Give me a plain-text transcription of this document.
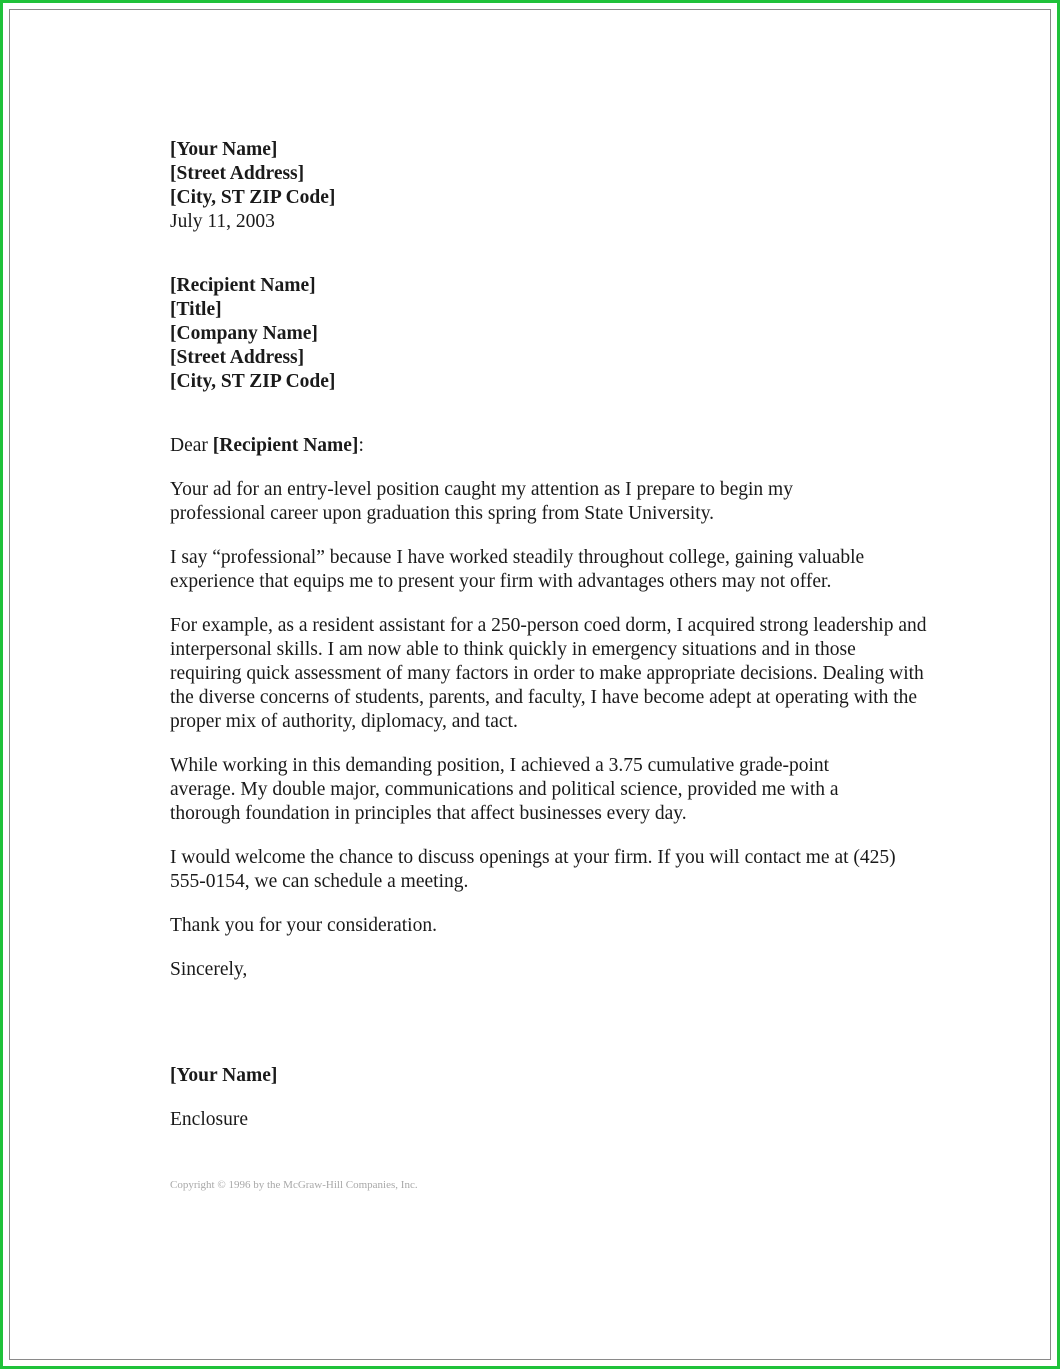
[Your Name]
[Street Address]
[City, ST ZIP Code]
July 11, 2003
[Recipient Name]
[Title]
[Company Name]
[Street Address]
[City, ST ZIP Code]
Dear [Recipient Name]:

Your ad for an entry-level position caught my attention as I prepare to begin my professional career upon graduation this spring from State University.

I say “professional” because I have worked steadily throughout college, gaining valuable experience that equips me to present your firm with advantages others may not offer.

For example, as a resident assistant for a 250-person coed dorm, I acquired strong leadership and interpersonal skills. I am now able to think quickly in emergency situations and in those requiring quick assessment of many factors in order to make appropriate decisions. Dealing with the diverse concerns of students, parents, and faculty, I have become adept at operating with the proper mix of authority, diplomacy, and tact.

While working in this demanding position, I achieved a 3.75 cumulative grade-point average. My double major, communications and political science, provided me with a thorough foundation in principles that affect businesses every day.

I would welcome the chance to discuss openings at your firm. If you will contact me at (425) 555-0154, we can schedule a meeting.

Thank you for your consideration.
Sincerely,
[Your Name]
Enclosure
Copyright © 1996 by the McGraw-Hill Companies, Inc.
